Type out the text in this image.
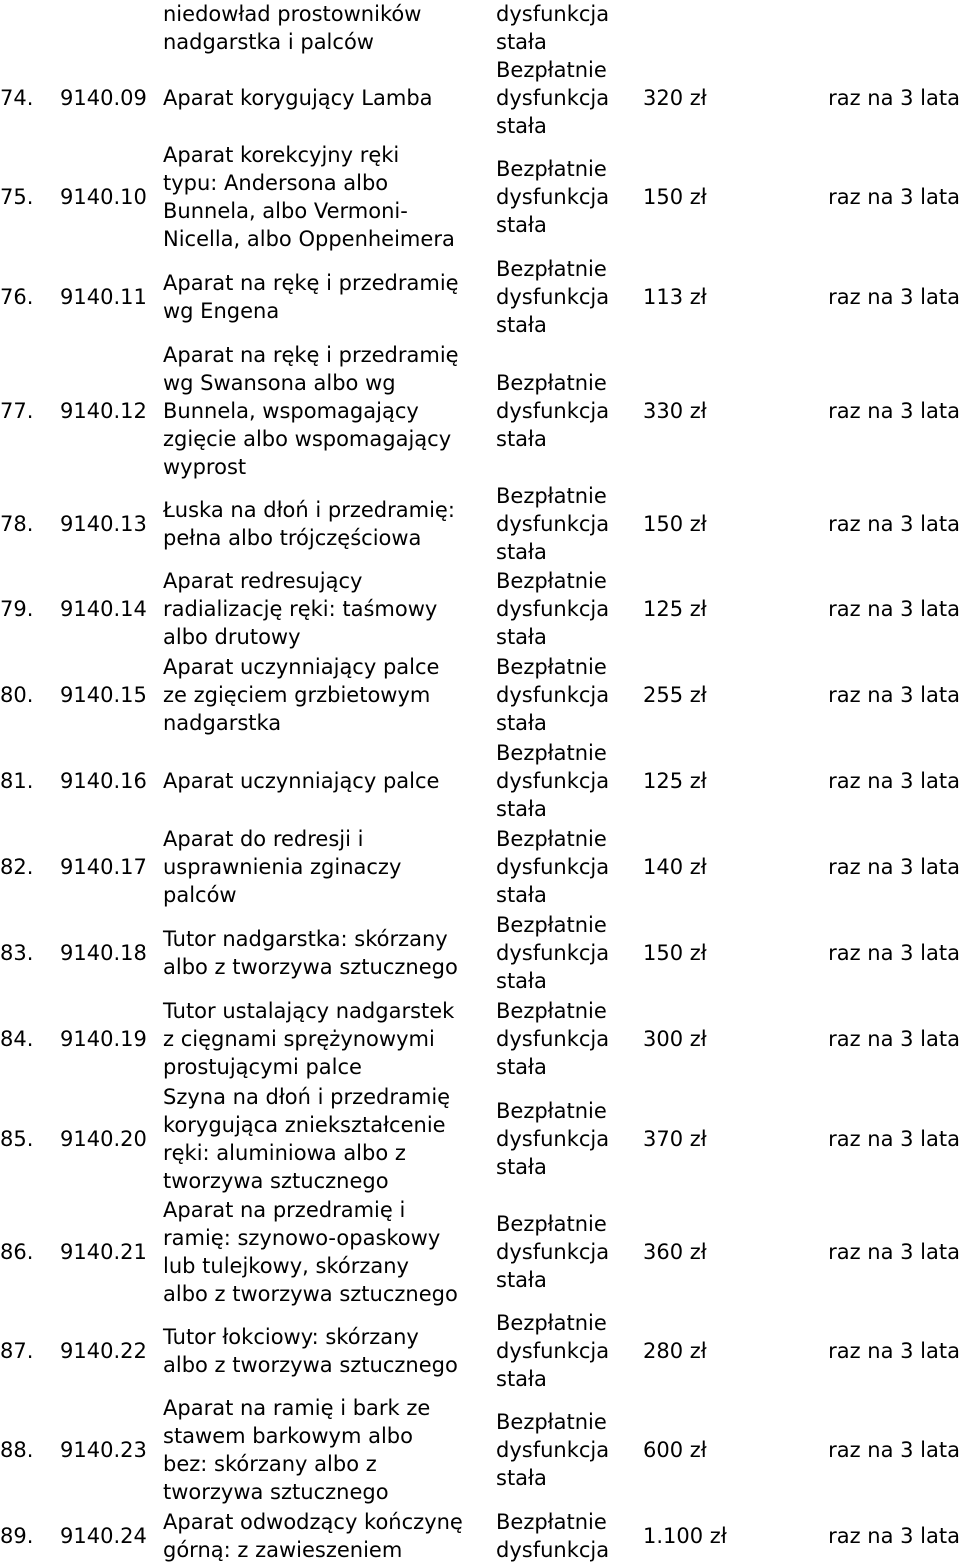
niedowład prostowników
nadgarstka i palców
dysfunkcja
stała
74. 9140.09 Aparat korygujący Lamba
Bezpłatnie
dysfunkcja
stała
320 zł	raz na 3 lata
75. 9140.10
Aparat korekcyjny ręki
typu: Andersona albo
Bunnela, albo Vermoni-
Nicella, albo Oppenheimera
Bezpłatnie
dysfunkcja
stała
150 zł	raz na 3 lata
76. 9140.11
Aparat na rękę i przedramię
wg Engena
Bezpłatnie
dysfunkcja
stała
113 zł	raz na 3 lata
77. 9140.12
Aparat na rękę i przedramię
wg Swansona albo wg
Bunnela, wspomagający
zgięcie albo wspomagający
wyprost
Bezpłatnie
dysfunkcja
stała
330 zł	raz na 3 lata
78. 9140.13
Łuska na dłoń i przedramię:
pełna albo trójczęściowa
Bezpłatnie
dysfunkcja
stała
150 zł	raz na 3 lata
79. 9140.14
Aparat redresujący
radializację ręki: taśmowy
albo drutowy
Bezpłatnie
dysfunkcja
stała
125 zł	raz na 3 lata
80. 9140.15
Aparat uczynniający palce
ze zgięciem grzbietowym
nadgarstka
Bezpłatnie
dysfunkcja
stała
255 zł	raz na 3 lata
81. 9140.16 Aparat uczynniający palce
Bezpłatnie
dysfunkcja
stała
125 zł	raz na 3 lata
82. 9140.17
Aparat do redresji i
usprawnienia zginaczy
palców
Bezpłatnie
dysfunkcja
stała
140 zł	raz na 3 lata
83. 9140.18
Tutor nadgarstka: skórzany
albo z tworzywa sztucznego
Bezpłatnie
dysfunkcja
stała
150 zł	raz na 3 lata
84. 9140.19
Tutor ustalający nadgarstek
z cięgnami sprężynowymi
prostującymi palce
Bezpłatnie
dysfunkcja
stała
300 zł	raz na 3 lata
85. 9140.20
Szyna na dłoń i przedramię
korygująca zniekształcenie
ręki: aluminiowa albo z
tworzywa sztucznego
Bezpłatnie
dysfunkcja
stała
370 zł	raz na 3 lata
86. 9140.21
Aparat na przedramię i
ramię: szynowo-opaskowy
lub tulejkowy, skórzany
albo z tworzywa sztucznego
Bezpłatnie
dysfunkcja
stała
360 zł	raz na 3 lata
87. 9140.22
Tutor łokciowy: skórzany
albo z tworzywa sztucznego
Bezpłatnie
dysfunkcja
stała
280 zł	raz na 3 lata
88. 9140.23
Aparat na ramię i bark ze
stawem barkowym albo
bez: skórzany albo z
tworzywa sztucznego
Bezpłatnie
dysfunkcja
stała
600 zł	raz na 3 lata
89. 9140.24
Aparat odwodzący kończynę
górną: z zawieszeniem
Bezpłatnie
dysfunkcja
1.100 zł	raz na 3 lata
